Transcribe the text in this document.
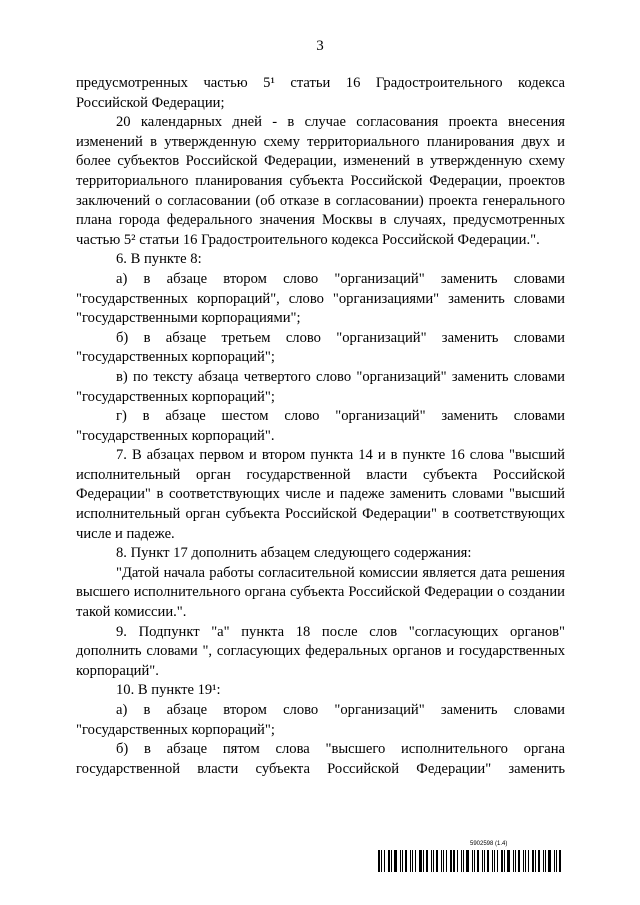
3

предусмотренных частью 5¹ статьи 16 Градостроительного кодекса Российской Федерации;

20 календарных дней - в случае согласования проекта внесения изменений в утвержденную схему территориального планирования двух и более субъектов Российской Федерации, изменений в утвержденную схему территориального планирования субъекта Российской Федерации, проектов заключений о согласовании (об отказе в согласовании) проекта генерального плана города федерального значения Москвы в случаях, предусмотренных частью 5² статьи 16 Градостроительного кодекса Российской Федерации.".

6. В пункте 8:

а) в абзаце втором слово "организаций" заменить словами "государственных корпораций", слово "организациями" заменить словами "государственными корпорациями";

б) в абзаце третьем слово "организаций" заменить словами "государственных корпораций";

в) по тексту абзаца четвертого слово "организаций" заменить словами "государственных корпораций";

г) в абзаце шестом слово "организаций" заменить словами "государственных корпораций".

7. В абзацах первом и втором пункта 14 и в пункте 16 слова "высший исполнительный орган государственной власти субъекта Российской Федерации" в соответствующих числе и падеже заменить словами "высший исполнительный орган субъекта Российской Федерации" в соответствующих числе и падеже.

8. Пункт 17 дополнить абзацем следующего содержания:

"Датой начала работы согласительной комиссии является дата решения высшего исполнительного органа субъекта Российской Федерации о создании такой комиссии.".

9. Подпункт "а" пункта 18 после слов "согласующих органов" дополнить словами ", согласующих федеральных органов и государственных корпораций".

10. В пункте 19¹:

а) в абзаце втором слово "организаций" заменить словами "государственных корпораций";

б) в абзаце пятом слова "высшего исполнительного органа государственной власти субъекта Российской Федерации" заменить

5902598 (1.4)
